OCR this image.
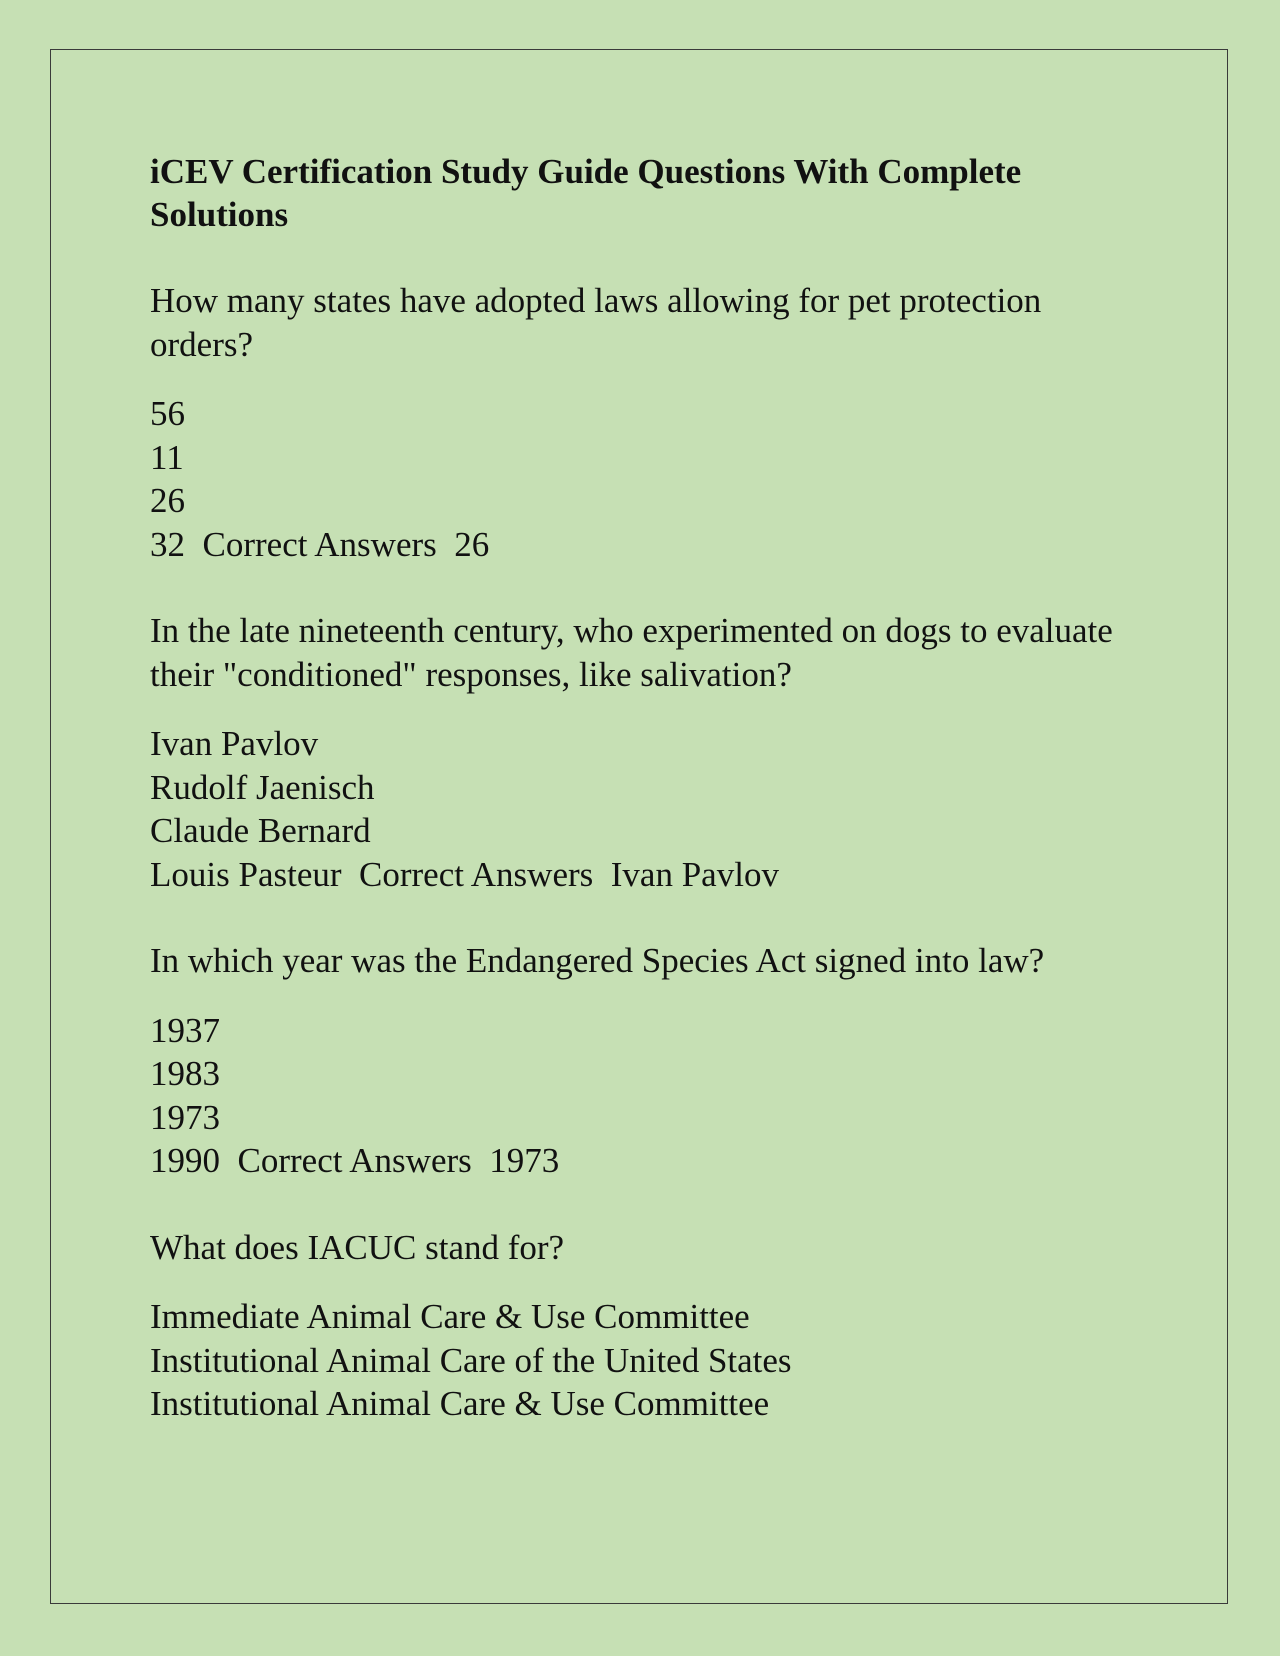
iCEV Certification Study Guide Questions With Complete Solutions
How many states have adopted laws allowing for pet protection orders?
56
11
26
32 Correct Answers 26
In the late nineteenth century, who experimented on dogs to evaluate their "conditioned" responses, like salivation?
Ivan Pavlov
Rudolf Jaenisch
Claude Bernard
Louis Pasteur Correct Answers Ivan Pavlov
In which year was the Endangered Species Act signed into law?
1937
1983
1973
1990 Correct Answers 1973
What does IACUC stand for?
Immediate Animal Care & Use Committee
Institutional Animal Care of the United States
Institutional Animal Care & Use Committee
